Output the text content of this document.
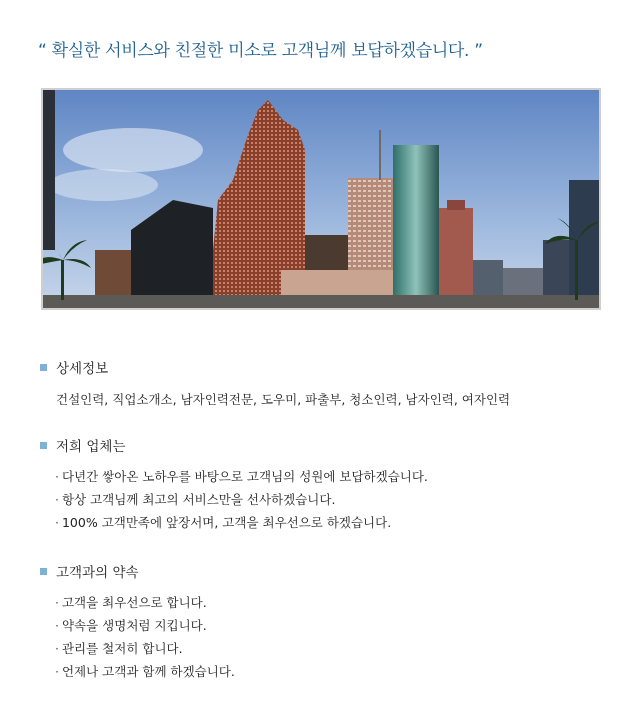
“ 확실한 서비스와 친절한 미소로 고객님께 보답하겠습니다. ”
상세정보
건설인력, 직업소개소, 남자인력전문, 도우미, 파출부, 청소인력, 남자인력, 여자인력
저희 업체는
· 다년간 쌓아온 노하우를 바탕으로 고객님의 성원에 보답하겠습니다.
· 항상 고객님께 최고의 서비스만을 선사하겠습니다.
· 100% 고객만족에 앞장서며, 고객을 최우선으로 하겠습니다.
고객과의 약속
· 고객을 최우선으로 합니다.
· 약속을 생명처럼 지킵니다.
· 관리를 철저히 합니다.
· 언제나 고객과 함께 하겠습니다.
